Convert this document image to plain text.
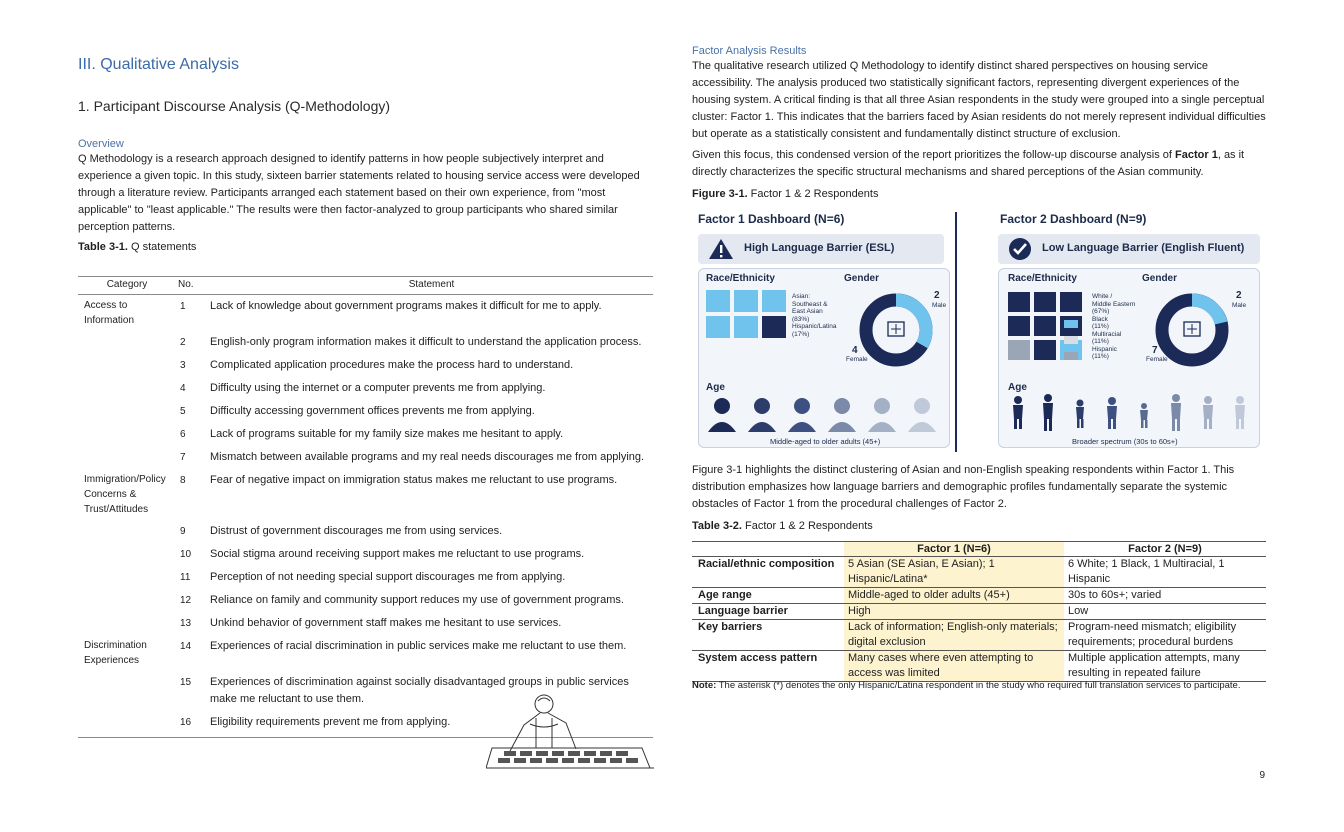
III. Qualitative Analysis
1. Participant Discourse Analysis (Q-Methodology)
Overview
Q Methodology is a research approach designed to identify patterns in how people subjectively interpret and experience a given topic. In this study, sixteen barrier statements related to housing service access were developed through a literature review. Participants arranged each statement based on their own experience, from "most applicable" to "least applicable." The results were then factor-analyzed to group participants who shared similar perception patterns.
Table 3-1. Q statements
Category	No.	Statement
Access to Information	1	Lack of knowledge about government programs makes it difficult for me to apply.
	2	English-only program information makes it difficult to understand the application process.
	3	Complicated application procedures make the process hard to understand.
	4	Difficulty using the internet or a computer prevents me from applying.
	5	Difficulty accessing government offices prevents me from applying.
	6	Lack of programs suitable for my family size makes me hesitant to apply.
	7	Mismatch between available programs and my real needs discourages me from applying.
Immigration/Policy Concerns & Trust/Attitudes	8	Fear of negative impact on immigration status makes me reluctant to use programs.
	9	Distrust of government discourages me from using services.
	10	Social stigma around receiving support makes me reluctant to use programs.
	11	Perception of not needing special support discourages me from applying.
	12	Reliance on family and community support reduces my use of government programs.
	13	Unkind behavior of government staff makes me hesitant to use services.
Discrimination Experiences	14	Experiences of racial discrimination in public services make me reluctant to use them.
	15	Experiences of discrimination against socially disadvantaged groups in public services make me reluctant to use them.
	16	Eligibility requirements prevent me from applying.
Factor Analysis Results
The qualitative research utilized Q Methodology to identify distinct shared perspectives on housing service accessibility. The analysis produced two statistically significant factors, representing divergent experiences of the housing system. A critical finding is that all three Asian respondents in the study were grouped into a single perceptual cluster: Factor 1. This indicates that the barriers faced by Asian residents do not merely represent individual difficulties but operate as a statistically consistent and fundamentally distinct structure of exclusion.
Given this focus, this condensed version of the report prioritizes the follow-up discourse analysis of Factor 1, as it directly characterizes the specific structural mechanisms and shared perceptions of the Asian community.
Figure 3-1. Factor 1 & 2 Respondents
Factor 1 Dashboard (N=6)
High Language Barrier (ESL)
Race/Ethnicity	Gender
Asian:
Southeast &
East Asian
(83%)
Hispanic/Latina
(17%)
2
Male
4
Female
Age
Middle-aged to older adults (45+)
Factor 2 Dashboard (N=9)
Low Language Barrier (English Fluent)
Race/Ethnicity	Gender
White /
Middle Eastern
(67%)
Black
(11%)
Multiracial
(11%)
Hispanic
(11%)
2
Male
7
Female
Age
Broader spectrum (30s to 60s+)
Figure 3-1 highlights the distinct clustering of Asian and non-English speaking respondents within Factor 1. This distribution emphasizes how language barriers and demographic profiles fundamentally separate the systemic obstacles of Factor 1 from the procedural challenges of Factor 2.
Table 3-2. Factor 1 & 2 Respondents
	Factor 1 (N=6)	Factor 2 (N=9)
Racial/ethnic composition	5 Asian (SE Asian, E Asian); 1 Hispanic/Latina*	6 White; 1 Black, 1 Multiracial, 1 Hispanic
Age range	Middle-aged to older adults (45+)	30s to 60s+; varied
Language barrier	High	Low
Key barriers	Lack of information; English-only materials; digital exclusion	Program-need mismatch; eligibility requirements; procedural burdens
System access pattern	Many cases where even attempting to access was limited	Multiple application attempts, many resulting in repeated failure
Note: The asterisk (*) denotes the only Hispanic/Latina respondent in the study who required full translation services to participate.
9
